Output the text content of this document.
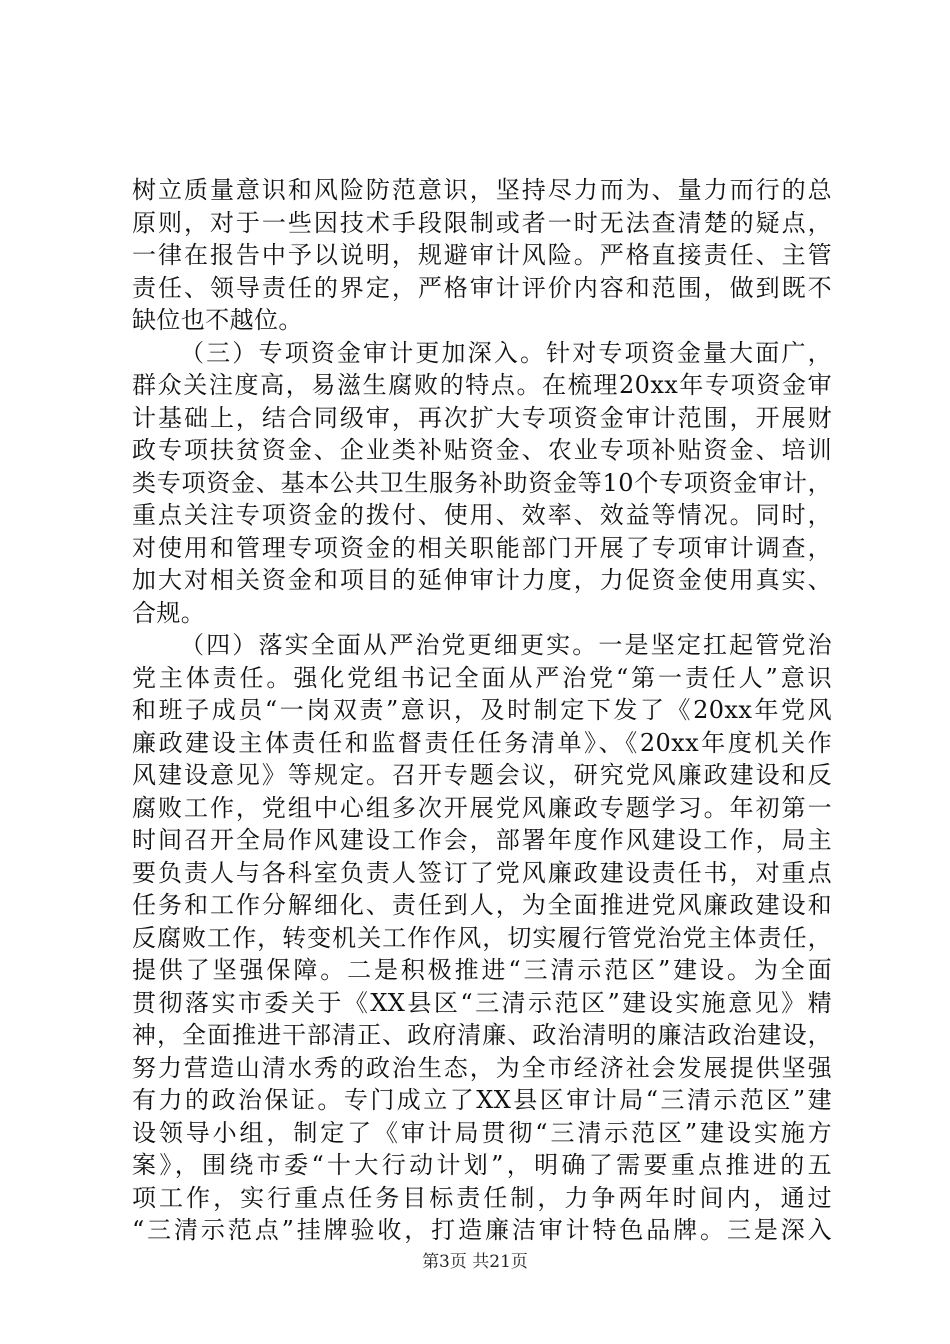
树立质量意识和风险防范意识，坚持尽力而为、量力而行的总
原则，对于一些因技术手段限制或者一时无法查清楚的疑点，
一律在报告中予以说明，规避审计风险。严格直接责任、主管
责任、领导责任的界定，严格审计评价内容和范围，做到既不
缺位也不越位。
（三）专项资金审计更加深入。针对专项资金量大面广，
群众关注度高，易滋生腐败的特点。在梳理20xx年专项资金审
计基础上，结合同级审，再次扩大专项资金审计范围，开展财
政专项扶贫资金、企业类补贴资金、农业专项补贴资金、培训
类专项资金、基本公共卫生服务补助资金等10个专项资金审计，
重点关注专项资金的拨付、使用、效率、效益等情况。同时，
对使用和管理专项资金的相关职能部门开展了专项审计调查，
加大对相关资金和项目的延伸审计力度，力促资金使用真实、
合规。
（四）落实全面从严治党更细更实。一是坚定扛起管党治
党主体责任。强化党组书记全面从严治党“第一责任人”意识
和班子成员“一岗双责”意识，及时制定下发了《20xx年党风
廉政建设主体责任和监督责任任务清单》、《20xx年度机关作
风建设意见》等规定。召开专题会议，研究党风廉政建设和反
腐败工作，党组中心组多次开展党风廉政专题学习。年初第一
时间召开全局作风建设工作会，部署年度作风建设工作，局主
要负责人与各科室负责人签订了党风廉政建设责任书，对重点
任务和工作分解细化、责任到人，为全面推进党风廉政建设和
反腐败工作，转变机关工作作风，切实履行管党治党主体责任，
提供了坚强保障。二是积极推进“三清示范区”建设。为全面
贯彻落实市委关于《XX县区“三清示范区”建设实施意见》精
神，全面推进干部清正、政府清廉、政治清明的廉洁政治建设，
努力营造山清水秀的政治生态，为全市经济社会发展提供坚强
有力的政治保证。专门成立了XX县区审计局“三清示范区”建
设领导小组，制定了《审计局贯彻“三清示范区”建设实施方
案》，围绕市委“十大行动计划”，明确了需要重点推进的五
项工作，实行重点任务目标责任制，力争两年时间内，通过
“三清示范点”挂牌验收，打造廉洁审计特色品牌。三是深入
第3页 共21页
